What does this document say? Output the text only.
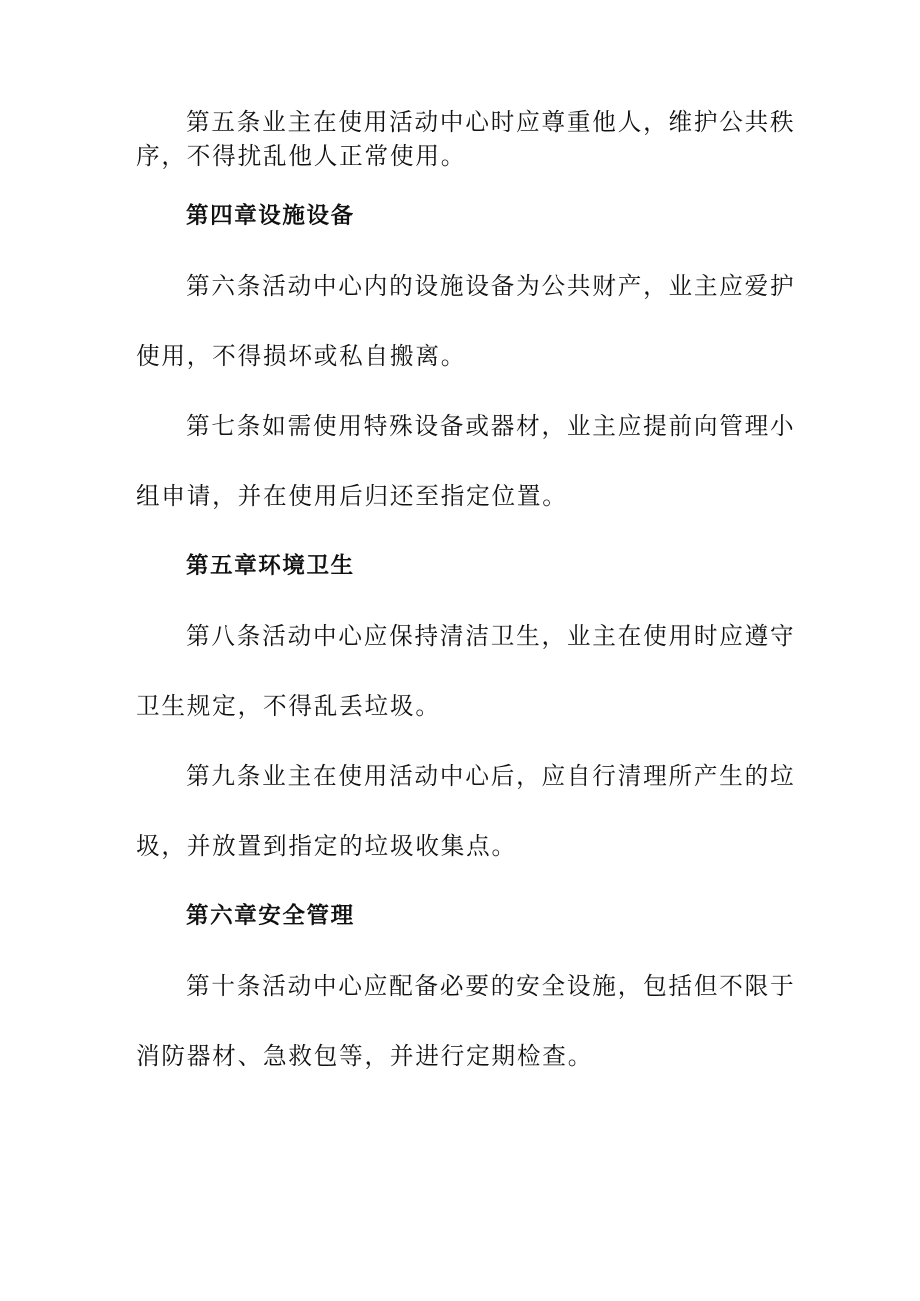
第五条业主在使用活动中心时应尊重他人，维护公共秩
序，不得扰乱他人正常使用。
第四章设施设备
第六条活动中心内的设施设备为公共财产，业主应爱护
使用，不得损坏或私自搬离。
第七条如需使用特殊设备或器材，业主应提前向管理小
组申请，并在使用后归还至指定位置。
第五章环境卫生
第八条活动中心应保持清洁卫生，业主在使用时应遵守
卫生规定，不得乱丢垃圾。
第九条业主在使用活动中心后，应自行清理所产生的垃
圾，并放置到指定的垃圾收集点。
第六章安全管理
第十条活动中心应配备必要的安全设施，包括但不限于
消防器材、急救包等，并进行定期检查。
